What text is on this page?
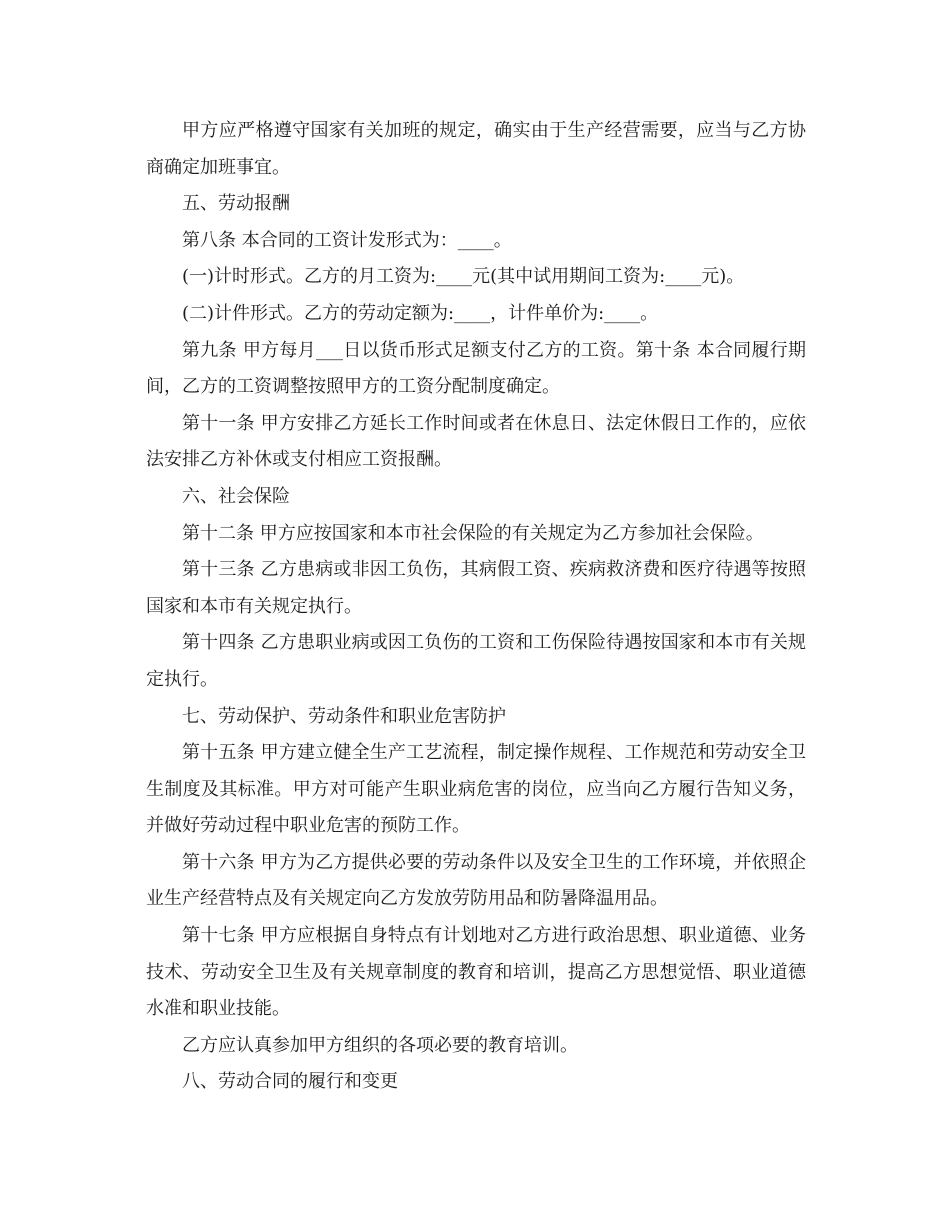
甲方应严格遵守国家有关加班的规定，确实由于生产经营需要，应当与乙方协商确定加班事宜。

五、劳动报酬

第八条 本合同的工资计发形式为：____。

(一)计时形式。乙方的月工资为:____元(其中试用期间工资为:____元)。

(二)计件形式。乙方的劳动定额为:____，计件单价为:____。

第九条 甲方每月___日以货币形式足额支付乙方的工资。第十条 本合同履行期间，乙方的工资调整按照甲方的工资分配制度确定。

第十一条 甲方安排乙方延长工作时间或者在休息日、法定休假日工作的，应依法安排乙方补休或支付相应工资报酬。

六、社会保险

第十二条 甲方应按国家和本市社会保险的有关规定为乙方参加社会保险。

第十三条 乙方患病或非因工负伤，其病假工资、疾病救济费和医疗待遇等按照国家和本市有关规定执行。

第十四条 乙方患职业病或因工负伤的工资和工伤保险待遇按国家和本市有关规定执行。

七、劳动保护、劳动条件和职业危害防护

第十五条 甲方建立健全生产工艺流程，制定操作规程、工作规范和劳动安全卫生制度及其标准。甲方对可能产生职业病危害的岗位，应当向乙方履行告知义务，并做好劳动过程中职业危害的预防工作。

第十六条 甲方为乙方提供必要的劳动条件以及安全卫生的工作环境，并依照企业生产经营特点及有关规定向乙方发放劳防用品和防暑降温用品。

第十七条 甲方应根据自身特点有计划地对乙方进行政治思想、职业道德、业务技术、劳动安全卫生及有关规章制度的教育和培训，提高乙方思想觉悟、职业道德水准和职业技能。

乙方应认真参加甲方组织的各项必要的教育培训。

八、劳动合同的履行和变更
